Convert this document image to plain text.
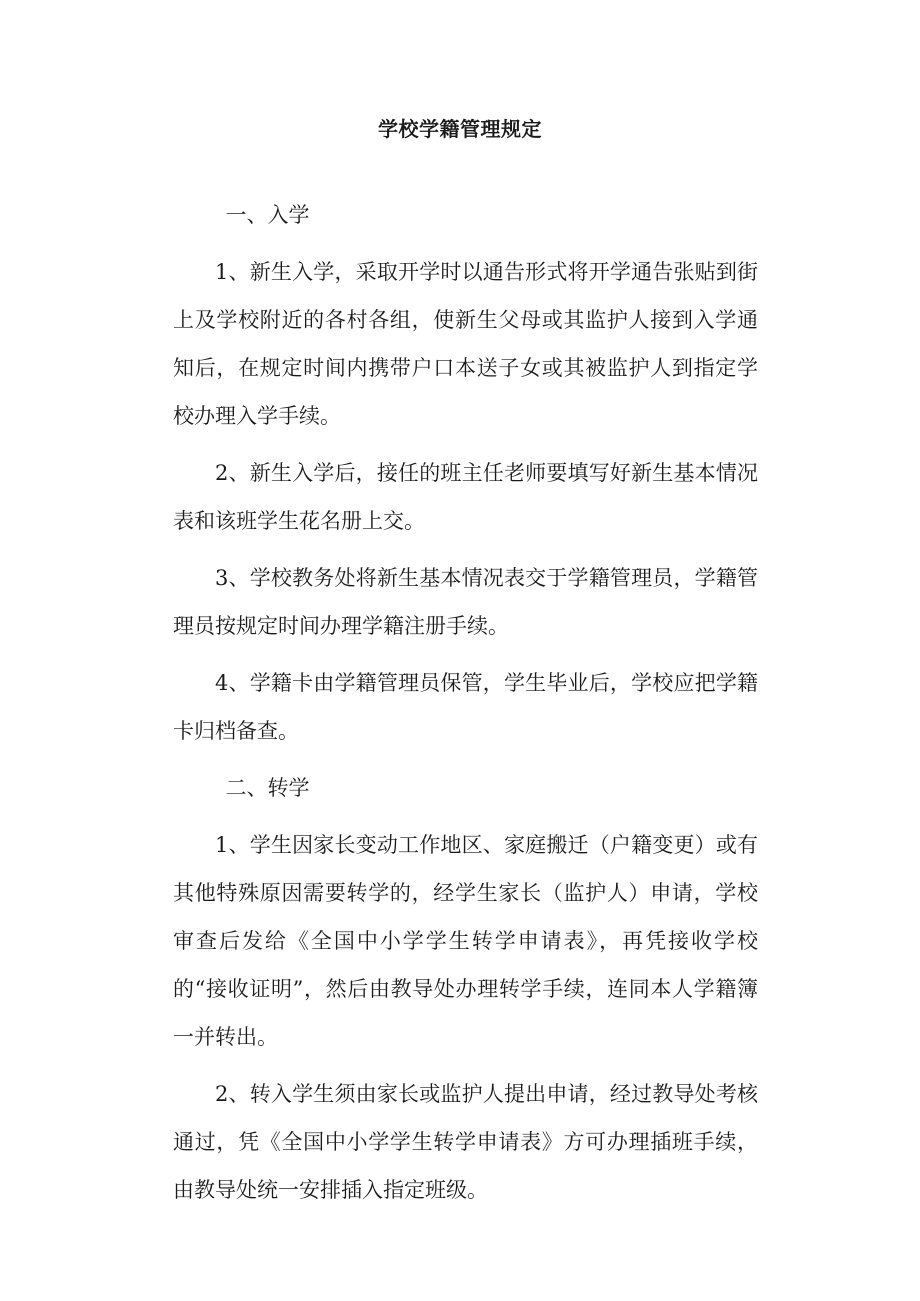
学校学籍管理规定

一、入学

1、新生入学，采取开学时以通告形式将开学通告张贴到街上及学校附近的各村各组，使新生父母或其监护人接到入学通知后，在规定时间内携带户口本送子女或其被监护人到指定学校办理入学手续。

2、新生入学后，接任的班主任老师要填写好新生基本情况表和该班学生花名册上交。

3、学校教务处将新生基本情况表交于学籍管理员，学籍管理员按规定时间办理学籍注册手续。

4、学籍卡由学籍管理员保管，学生毕业后，学校应把学籍卡归档备查。

二、转学

1、学生因家长变动工作地区、家庭搬迁（户籍变更）或有其他特殊原因需要转学的，经学生家长（监护人）申请，学校审查后发给《全国中小学学生转学申请表》，再凭接收学校的“接收证明”，然后由教导处办理转学手续，连同本人学籍簿一并转出。

2、转入学生须由家长或监护人提出申请，经过教导处考核通过，凭《全国中小学学生转学申请表》方可办理插班手续，由教导处统一安排插入指定班级。
